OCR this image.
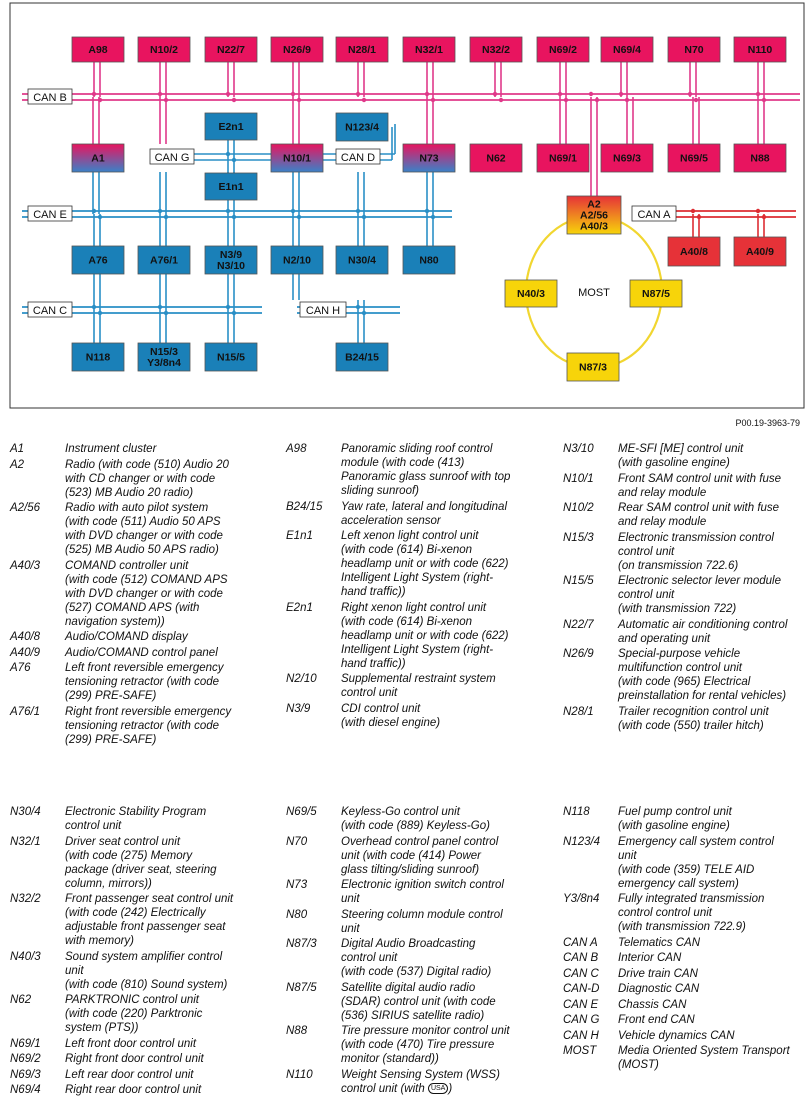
A98	N10/2	N22/7	N26/9	N28/1	N32/1	N32/2	N69/2	N69/4	N70	N110
A1
E2n1
E1n1
N10/1
N123/4
N73	N62	N69/1	N69/3	N69/5	N88
A2
A2/56
A40/3
A76	A76/1	N3/9
N3/10	N2/10	N30/4	N80
A40/8	A40/9
N40/3	N87/5
N87/3
N118	N15/3
Y3/8n4	N15/5	B24/15
MOST
CAN B
CAN G	CAN D
CAN E	CAN A
CAN C	CAN H
P00.19-3963-79
A1	Instrument cluster
A2	Radio (with code (510) Audio 20
with CD changer or with code
(523) MB Audio 20 radio)
A2/56	Radio with auto pilot system
(with code (511) Audio 50 APS
with DVD changer or with code
(525) MB Audio 50 APS radio)
A40/3	COMAND controller unit
(with code (512) COMAND APS
with DVD changer or with code
(527) COMAND APS (with
navigation system))
A40/8	Audio/COMAND display
A40/9	Audio/COMAND control panel
A76	Left front reversible emergency
tensioning retractor (with code
(299) PRE-SAFE)
A76/1	Right front reversible emergency
tensioning retractor (with code
(299) PRE-SAFE)
A98	Panoramic sliding roof control
module (with code (413)
Panoramic glass sunroof with top
sliding sunroof)
B24/15	Yaw rate, lateral and longitudinal
acceleration sensor
E1n1	Left xenon light control unit
(with code (614) Bi-xenon
headlamp unit or with code (622)
Intelligent Light System (right-
hand traffic))
E2n1	Right xenon light control unit
(with code (614) Bi-xenon
headlamp unit or with code (622)
Intelligent Light System (right-
hand traffic))
N2/10	Supplemental restraint system
control unit
N3/9	CDI control unit
(with diesel engine)
N3/10	ME-SFI [ME] control unit
(with gasoline engine)
N10/1	Front SAM control unit with fuse
and relay module
N10/2	Rear SAM control unit with fuse
and relay module
N15/3	Electronic transmission control
control unit
(on transmission 722.6)
N15/5	Electronic selector lever module
control unit
(with transmission 722)
N22/7	Automatic air conditioning control
and operating unit
N26/9	Special-purpose vehicle
multifunction control unit
(with code (965) Electrical
preinstallation for rental vehicles)
N28/1	Trailer recognition control unit
(with code (550) trailer hitch)
N30/4	Electronic Stability Program
control unit
N32/1	Driver seat control unit
(with code (275) Memory
package (driver seat, steering
column, mirrors))
N32/2	Front passenger seat control unit
(with code (242) Electrically
adjustable front passenger seat
with memory)
N40/3	Sound system amplifier control
unit
(with code (810) Sound system)
N62	PARKTRONIC control unit
(with code (220) Parktronic
system (PTS))
N69/1	Left front door control unit
N69/2	Right front door control unit
N69/3	Left rear door control unit
N69/4	Right rear door control unit
N69/5	Keyless-Go control unit
(with code (889) Keyless-Go)
N70	Overhead control panel control
unit (with code (414) Power
glass tilting/sliding sunroof)
N73	Electronic ignition switch control
unit
N80	Steering column module control
unit
N87/3	Digital Audio Broadcasting
control unit
(with code (537) Digital radio)
N87/5	Satellite digital audio radio
(SDAR) control unit (with code
(536) SIRIUS satellite radio)
N88	Tire pressure monitor control unit
(with code (470) Tire pressure
monitor (standard))
N110	Weight Sensing System (WSS)
control unit (with USA )
N118	Fuel pump control unit
(with gasoline engine)
N123/4	Emergency call system control
unit
(with code (359) TELE AID
emergency call system)
Y3/8n4	Fully integrated transmission
control control unit
(with transmission 722.9)
CAN A	Telematics CAN
CAN B	Interior CAN
CAN C	Drive train CAN
CAN-D	Diagnostic CAN
CAN E	Chassis CAN
CAN G	Front end CAN
CAN H	Vehicle dynamics CAN
MOST	Media Oriented System Transport
(MOST)
